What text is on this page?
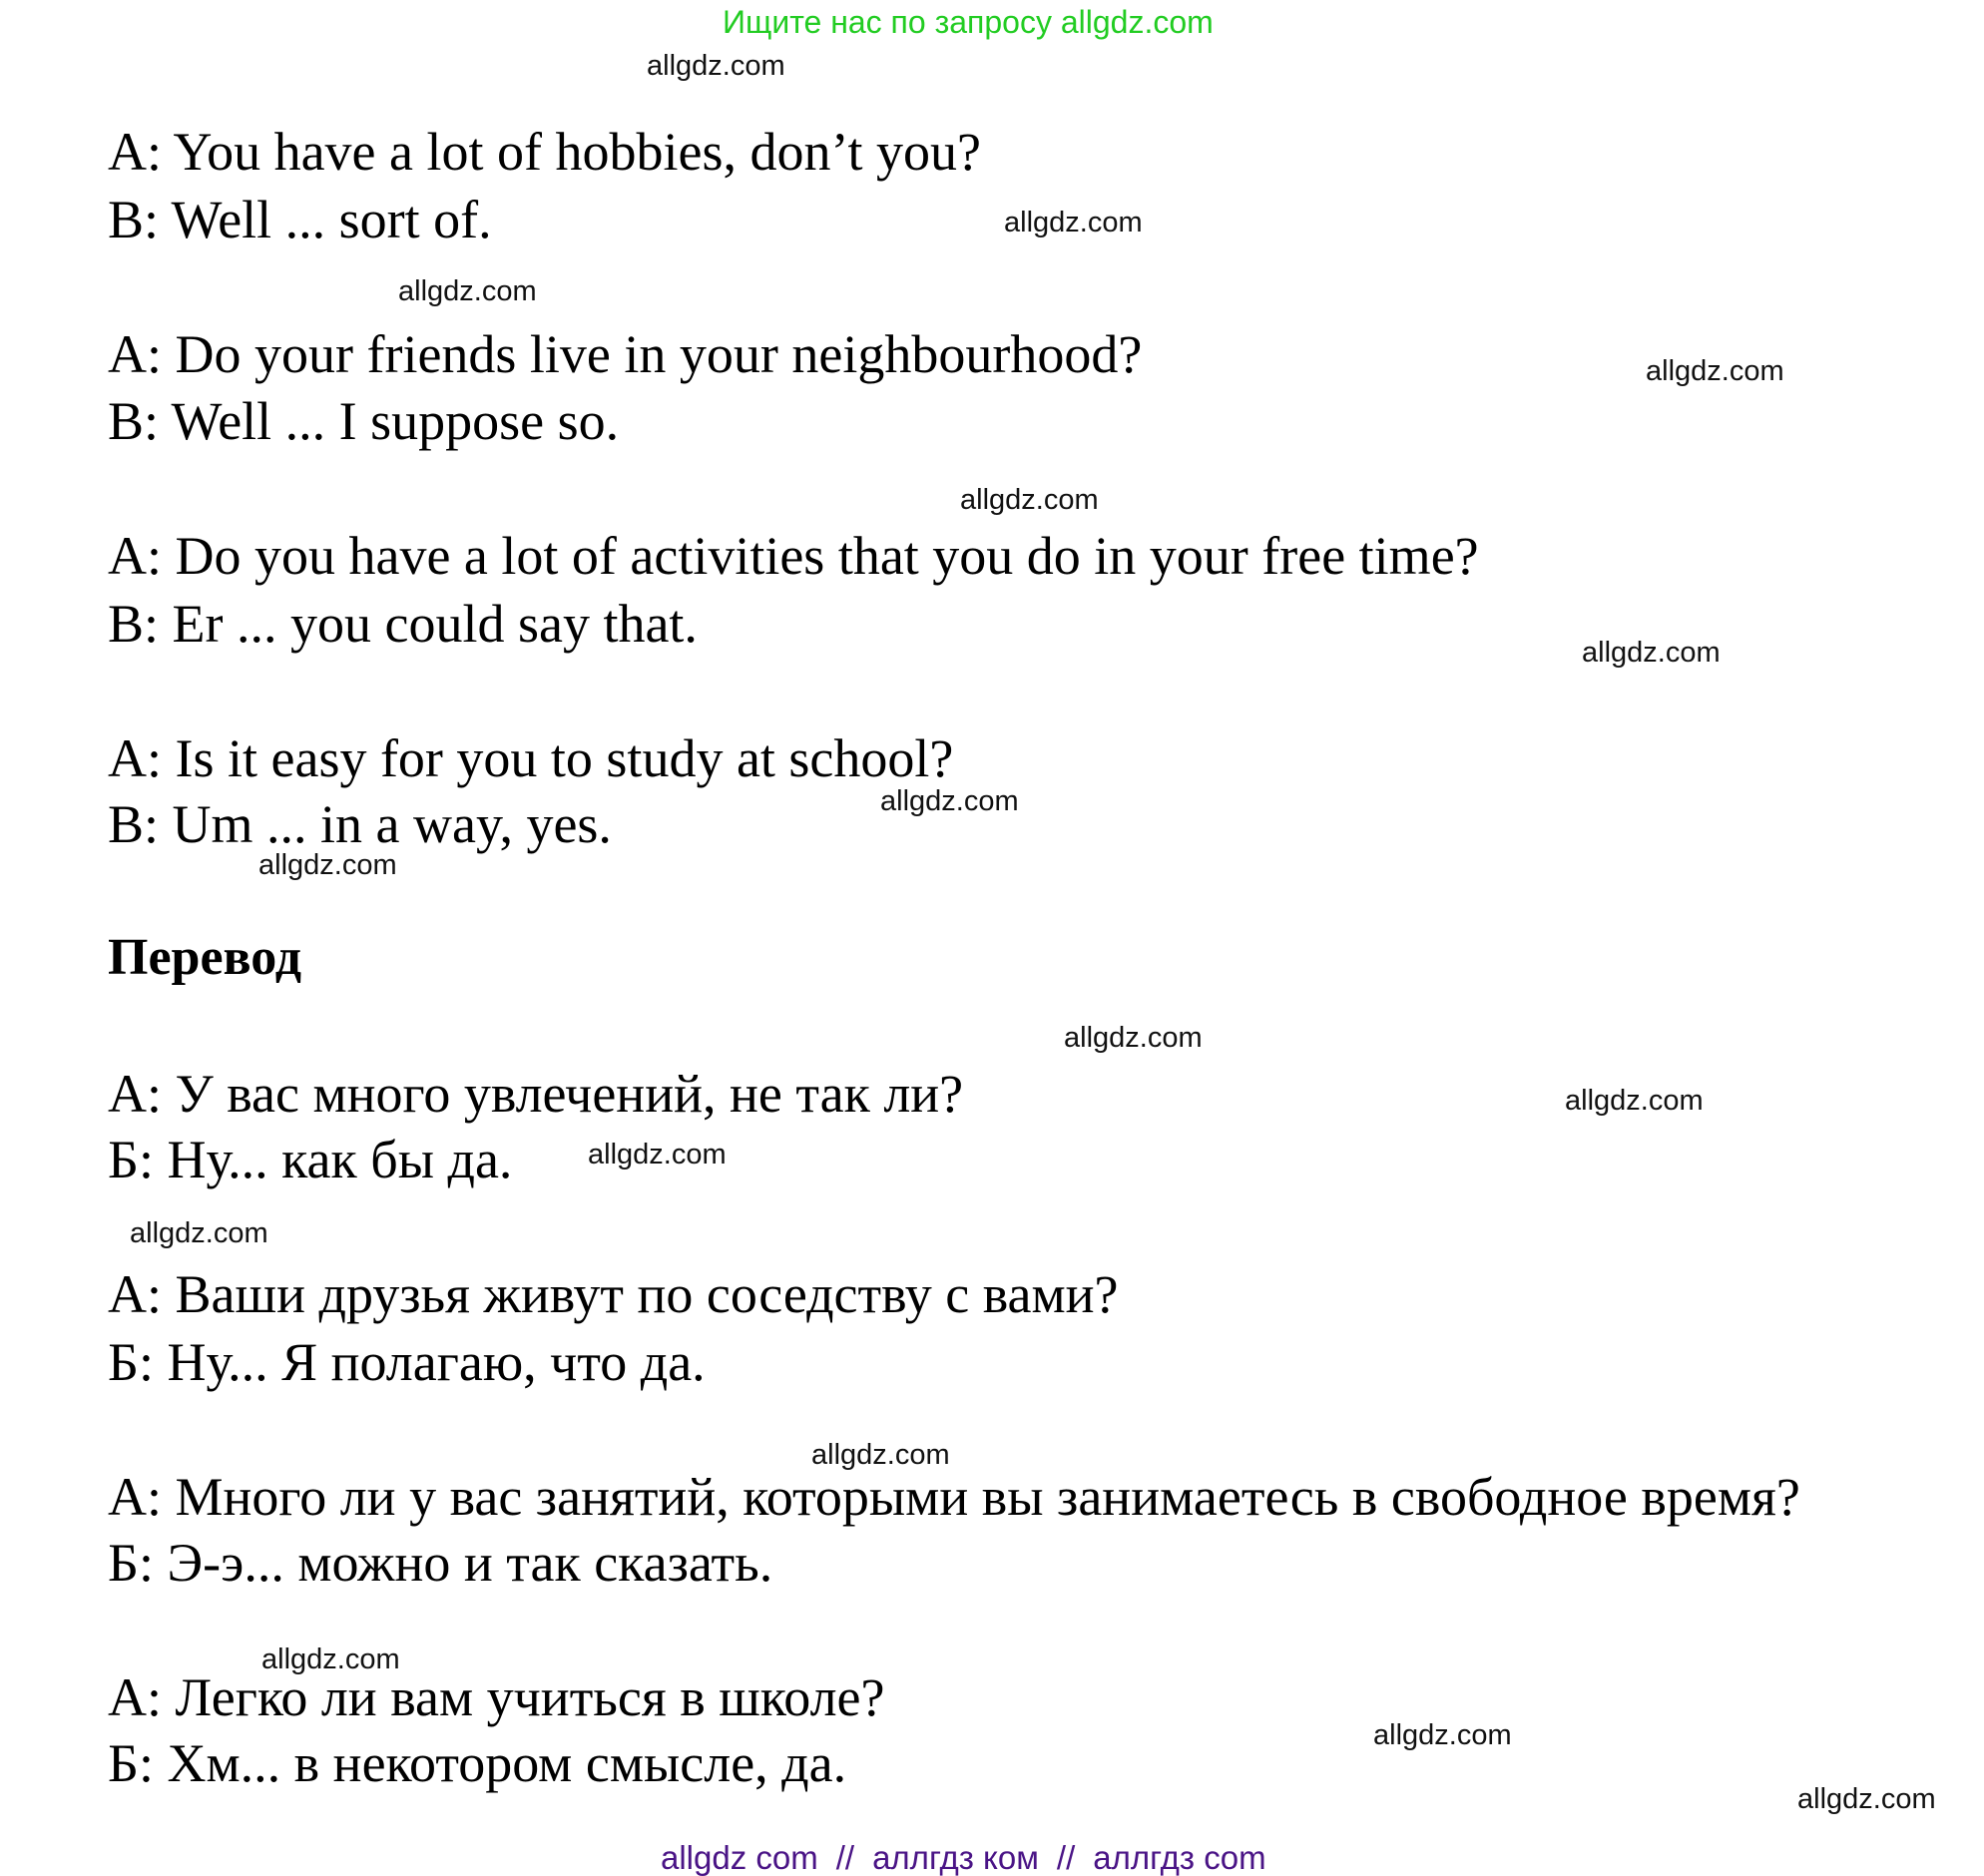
Ищите нас по запросу allgdz.com
A: You have a lot of hobbies, don’t you?
B: Well ... sort of.
A: Do your friends live in your neighbourhood?
B: Well ... I suppose so.
A: Do you have a lot of activities that you do in your free time?
B: Er ... you could say that.
A: Is it easy for you to study at school?
B: Um ... in a way, yes.
Перевод
А: У вас много увлечений, не так ли?
Б: Ну... как бы да.
А: Ваши друзья живут по соседству с вами?
Б: Ну... Я полагаю, что да.
А: Много ли у вас занятий, которыми вы занимаетесь в свободное время?
Б: Э-э... можно и так сказать.
А: Легко ли вам учиться в школе?
Б: Хм... в некотором смысле, да.
allgdz.com
allgdz.com
allgdz.com
allgdz.com
allgdz.com
allgdz.com
allgdz.com
allgdz.com
allgdz.com
allgdz.com
allgdz.com
allgdz.com
allgdz.com
allgdz.com
allgdz.com
allgdz.com
allgdz com // аллгдз ком // аллгдз com
